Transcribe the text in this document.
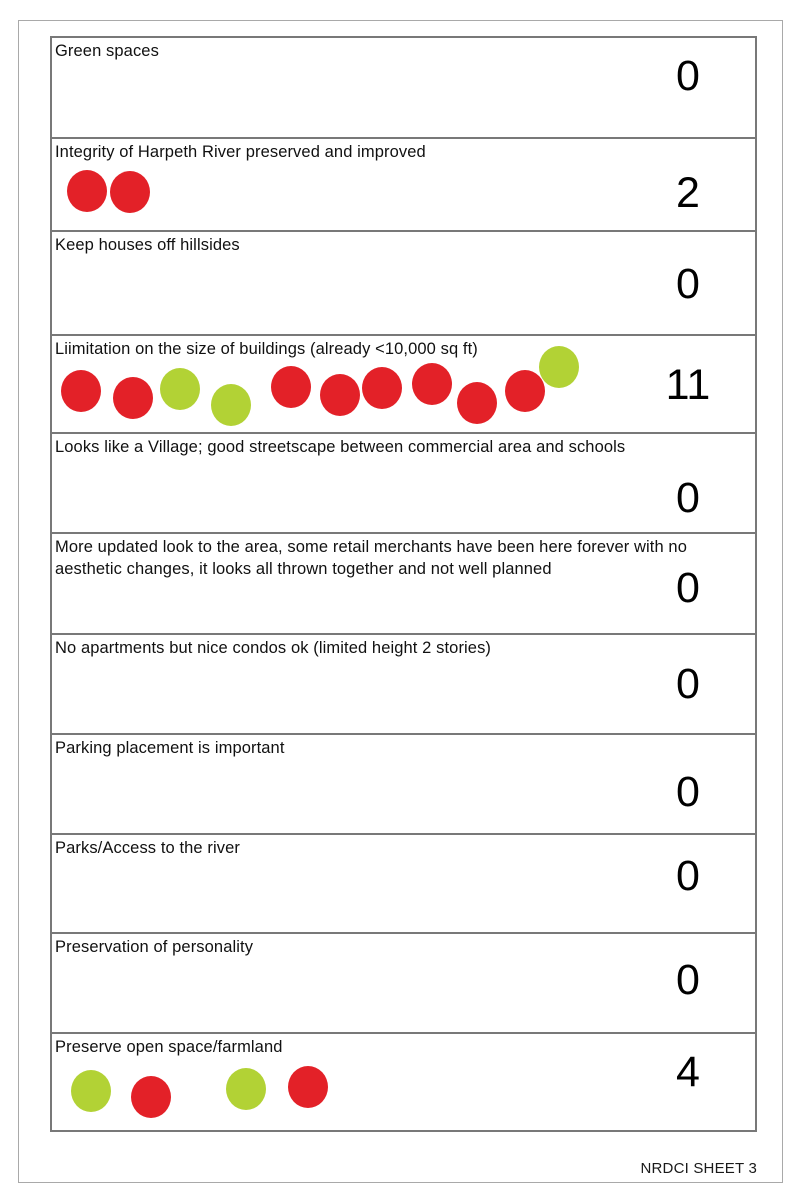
Green spaces
0
Integrity of Harpeth River preserved and improved
2
Keep houses off hillsides
0
Liimitation on the size of buildings (already <10,000 sq ft)
11
Looks like a Village; good streetscape between commercial area and schools
0
More updated look to the area, some retail merchants have been here forever with no aesthetic changes, it looks all thrown together and not well planned	0
No apartments but nice condos ok (limited height 2 stories)
0
Parking placement is important
0
Parks/Access to the river
0
Preservation of personality
0
Preserve open space/farmland
4
NRDCI SHEET 3
